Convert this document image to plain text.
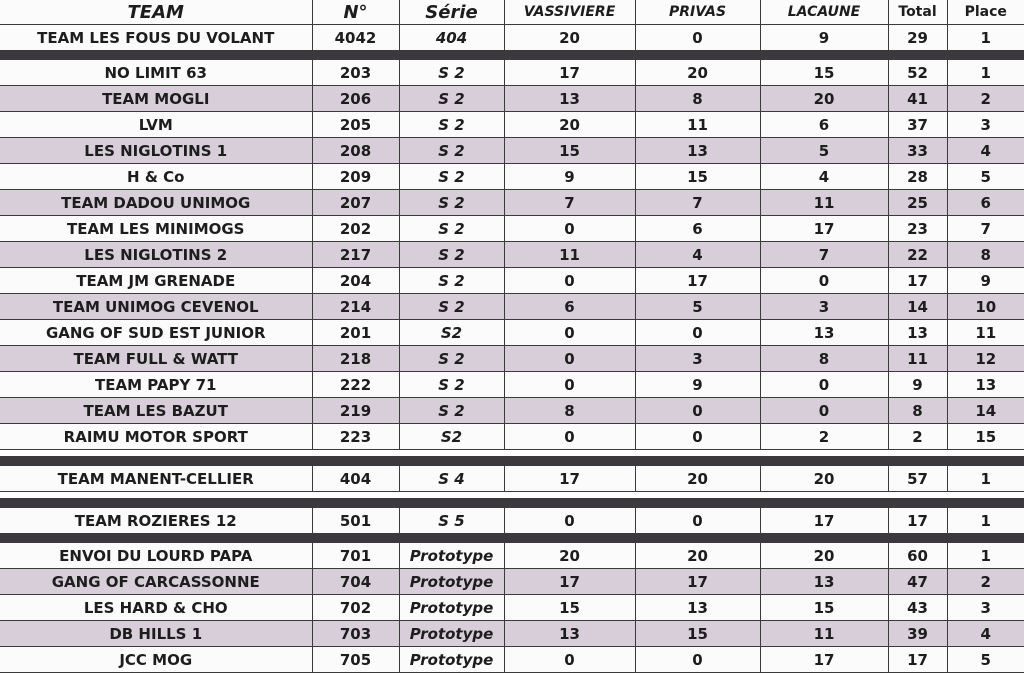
TEAM	N°	Série	VASSIVIERE	PRIVAS	LACAUNE	Total	Place
TEAM LES FOUS DU VOLANT	4042	404	20	0	9	29	1

NO LIMIT 63	203	S 2	17	20	15	52	1
TEAM MOGLI	206	S 2	13	8	20	41	2
LVM	205	S 2	20	11	6	37	3
LES NIGLOTINS 1	208	S 2	15	13	5	33	4
H & Co	209	S 2	9	15	4	28	5
TEAM DADOU UNIMOG	207	S 2	7	7	11	25	6
TEAM LES MINIMOGS	202	S 2	0	6	17	23	7
LES NIGLOTINS 2	217	S 2	11	4	7	22	8
TEAM JM GRENADE	204	S 2	0	17	0	17	9
TEAM UNIMOG CEVENOL	214	S 2	6	5	3	14	10
GANG OF SUD EST JUNIOR	201	S2	0	0	13	13	11
TEAM FULL & WATT	218	S 2	0	3	8	11	12
TEAM PAPY 71	222	S 2	0	9	0	9	13
TEAM LES BAZUT	219	S 2	8	0	0	8	14
RAIMU MOTOR SPORT	223	S2	0	0	2	2	15

TEAM MANENT-CELLIER	404	S 4	17	20	20	57	1

TEAM ROZIERES 12	501	S 5	0	0	17	17	1

ENVOI DU LOURD PAPA	701	Prototype	20	20	20	60	1
GANG OF CARCASSONNE	704	Prototype	17	17	13	47	2
LES HARD & CHO	702	Prototype	15	13	15	43	3
DB HILLS 1	703	Prototype	13	15	11	39	4
JCC MOG	705	Prototype	0	0	17	17	5
